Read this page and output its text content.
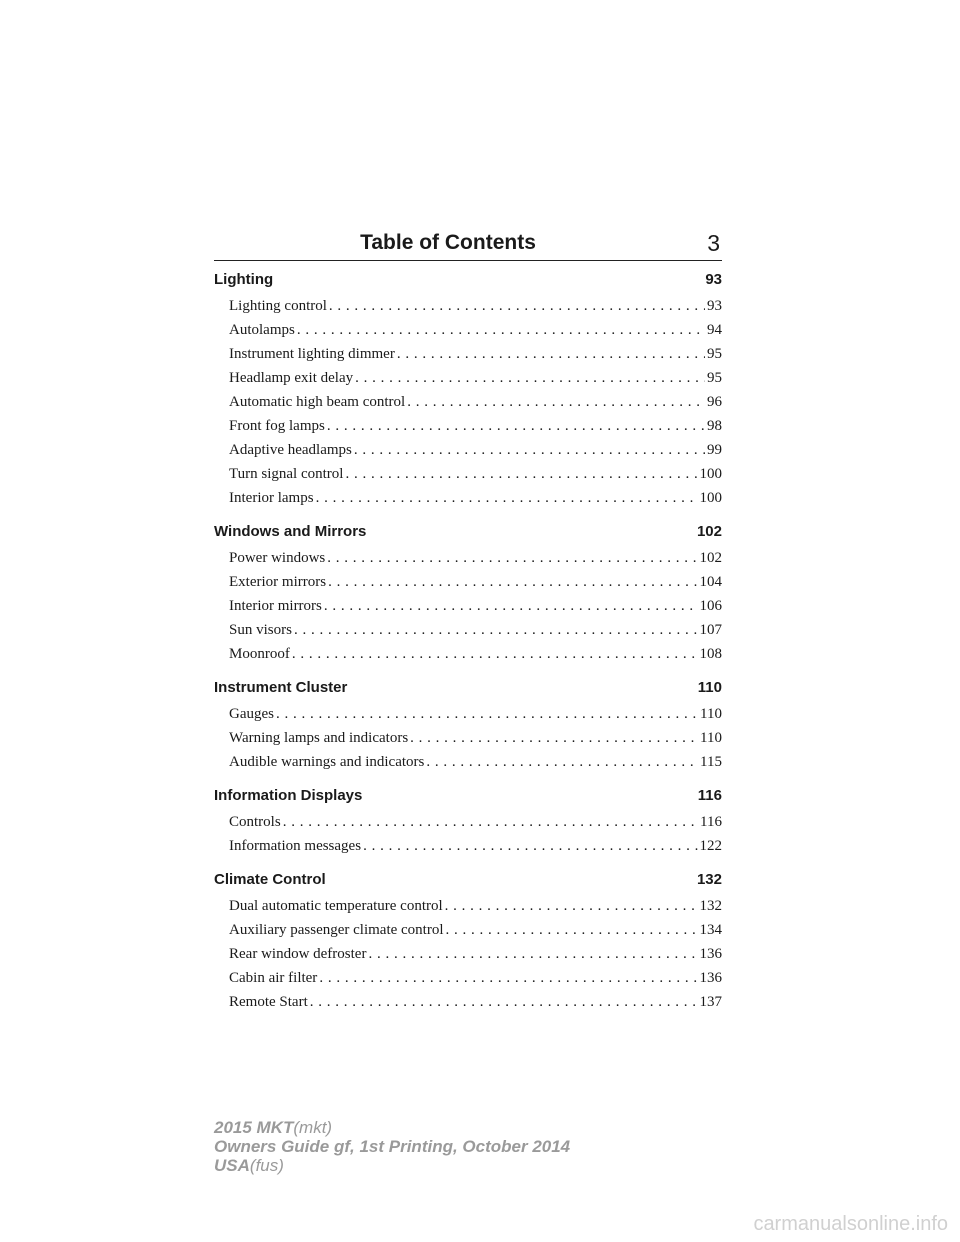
Table of Contents	3
Lighting	93
Lighting control . . .	93
Autolamps . . .	94
Instrument lighting dimmer . . .	95
Headlamp exit delay . . .	95
Automatic high beam control . . .	96
Front fog lamps . . .	98
Adaptive headlamps . . .	99
Turn signal control . . .	100
Interior lamps . . .	100
Windows and Mirrors	102
Power windows . . .	102
Exterior mirrors . . .	104
Interior mirrors . . .	106
Sun visors . . .	107
Moonroof . . .	108
Instrument Cluster	110
Gauges . . .	110
Warning lamps and indicators . . .	110
Audible warnings and indicators . . .	115
Information Displays	116
Controls . . .	116
Information messages . . .	122
Climate Control	132
Dual automatic temperature control . . .	132
Auxiliary passenger climate control . . .	134
Rear window defroster . . .	136
Cabin air filter . . .	136
Remote Start . . .	137
2015 MKT(mkt)
Owners Guide gf, 1st Printing, October 2014
USA(fus)
carmanualsonline.info
